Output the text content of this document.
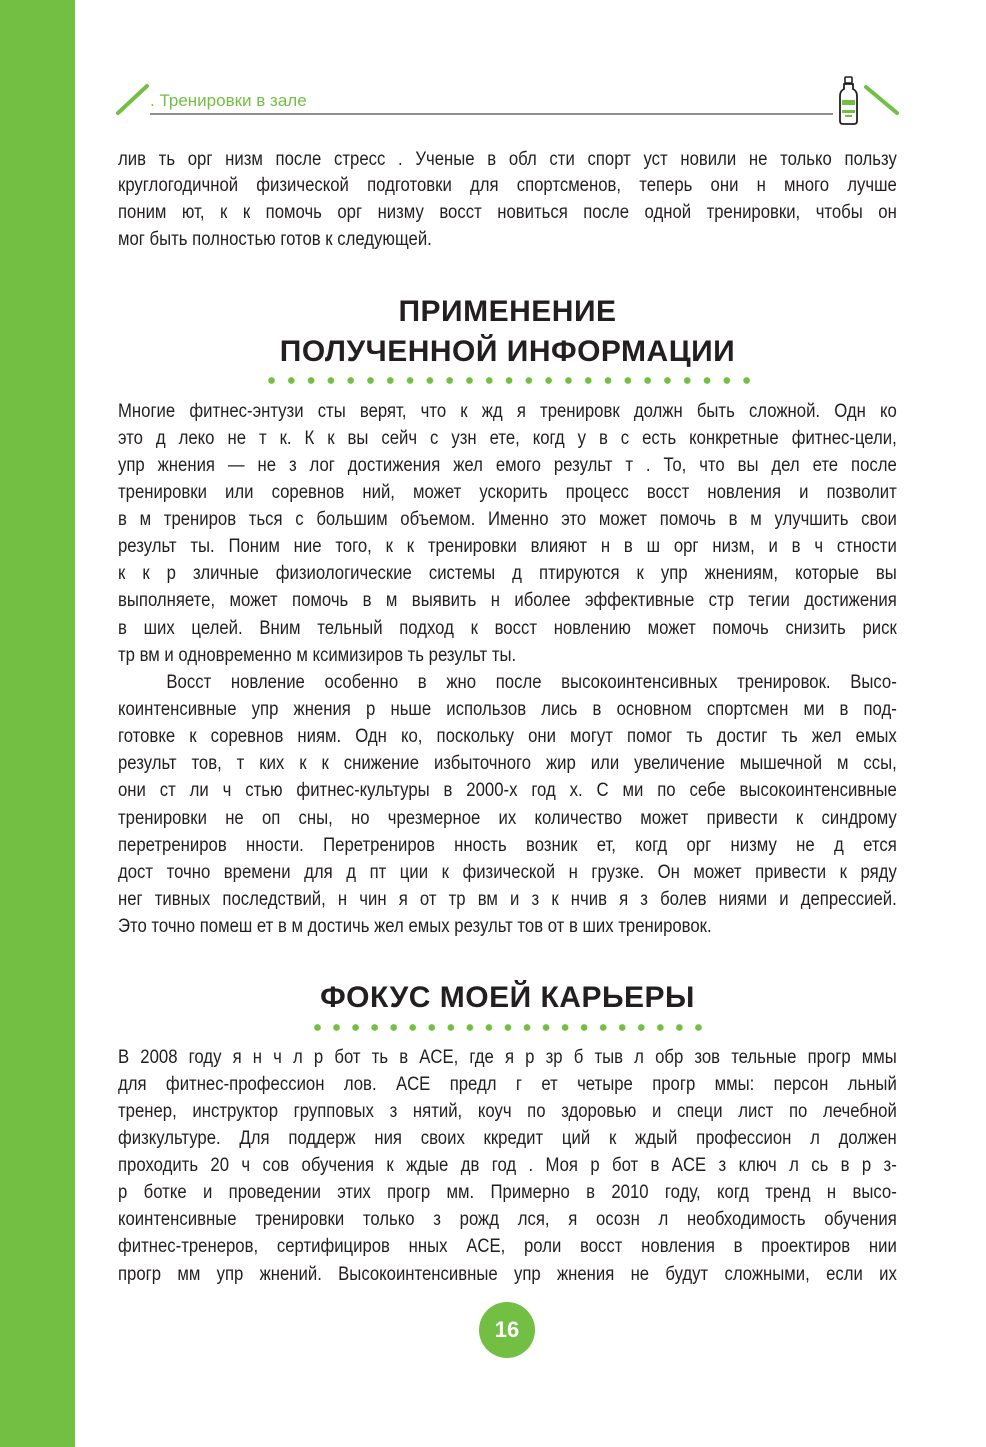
. Тренировки в зале
лив ть орг низм после стресс . Ученые в обл сти спорт уст новили не только пользу
круглогодичной физической подготовки для спортсменов, теперь они н много лучше
поним ют, к к помочь орг низму восст новиться после одной тренировки, чтобы он
мог быть полностью готов к следующей.
ПРИМЕНЕНИЕ
ПОЛУЧЕННОЙ ИНФОРМАЦИИ
Многие фитнес-энтузи сты верят, что к жд я тренировк должн быть сложной. Одн ко
это д леко не т к. К к вы сейч с узн ете, когд у в с есть конкретные фитнес-цели,
упр жнения — не з лог достижения жел емого результ т . То, что вы дел ете после
тренировки или соревнов ний, может ускорить процесс восст новления и позволит
в м трениров ться с большим объемом. Именно это может помочь в м улучшить свои
результ ты. Поним ние того, к к тренировки влияют н в ш орг низм, и в ч стности
к к р зличные физиологические системы д птируются к упр жнениям, которые вы
выполняете, может помочь в м выявить н иболее эффективные стр тегии достижения
в ших целей. Вним тельный подход к восст новлению может помочь снизить риск
тр вм и одновременно м ксимизиров ть результ ты.
Восст новление особенно в жно после высокоинтенсивных тренировок. Высо-
коинтенсивные упр жнения р ньше использов лись в основном спортсмен ми в под-
готовке к соревнов ниям. Одн ко, поскольку они могут помог ть достиг ть жел емых
результ тов, т ких к к снижение избыточного жир или увеличение мышечной м ссы,
они ст ли ч стью фитнес-культуры в 2000-х год х. С ми по себе высокоинтенсивные
тренировки не оп сны, но чрезмерное их количество может привести к синдрому
перетрениров нности. Перетрениров нность возник ет, когд орг низму не д ется
дост точно времени для д пт ции к физической н грузке. Он может привести к ряду
нег тивных последствий, н чин я от тр вм и з к нчив я з болев ниями и депрессией.
Это точно помеш ет в м достичь жел емых результ тов от в ших тренировок.
ФОКУС МОЕЙ КАРЬЕРЫ
В 2008 году я н ч л р бот ть в ACE, где я р зр б тыв л обр зов тельные прогр ммы
для фитнес-профессион лов. ACE предл г ет четыре прогр ммы: персон льный
тренер, инструктор групповых з нятий, коуч по здоровью и специ лист по лечебной
физкультуре. Для поддерж ния своих ккредит ций к ждый профессион л должен
проходить 20 ч сов обучения к ждые дв год . Моя р бот в ACE з ключ л сь в р з-
р ботке и проведении этих прогр мм. Примерно в 2010 году, когд тренд н высо-
коинтенсивные тренировки только з рожд лся, я осозн л необходимость обучения
фитнес-тренеров, сертифициров нных ACE, роли восст новления в проектиров нии
прогр мм упр жнений. Высокоинтенсивные упр жнения не будут сложными, если их
16
